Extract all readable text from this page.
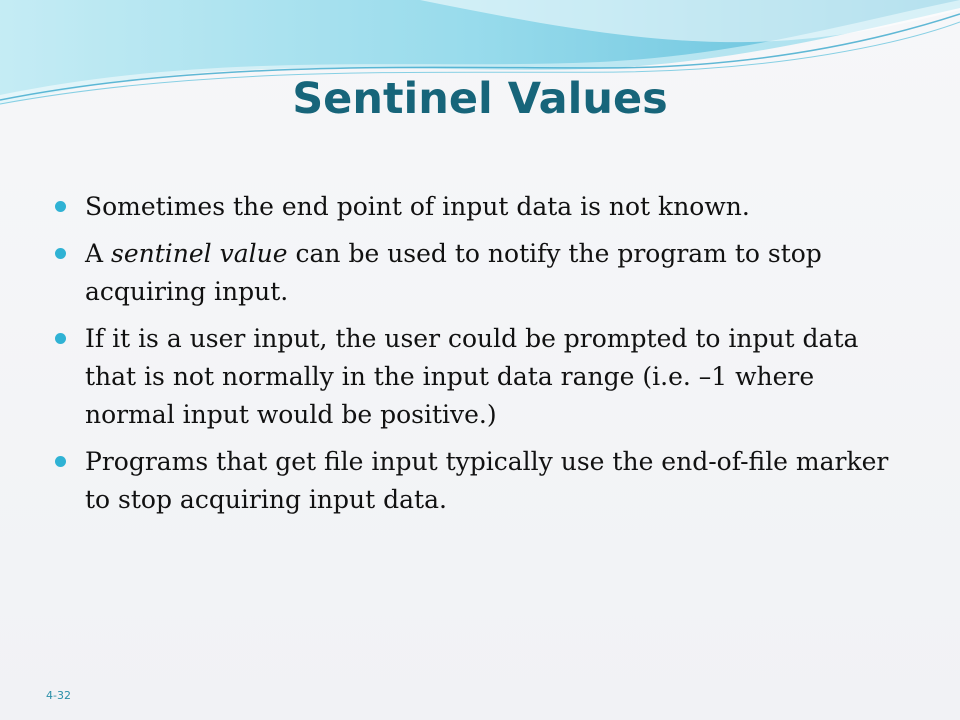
Sentinel Values
Sometimes the end point of input data is not known.
A sentinel value can be used to notify the program to stop acquiring input.
If it is a user input, the user could be prompted to input data that is not normally in the input data range (i.e. –1 where normal input would be positive.)
Programs that get file input typically use the end-of-file marker to stop acquiring input data.
4-32
